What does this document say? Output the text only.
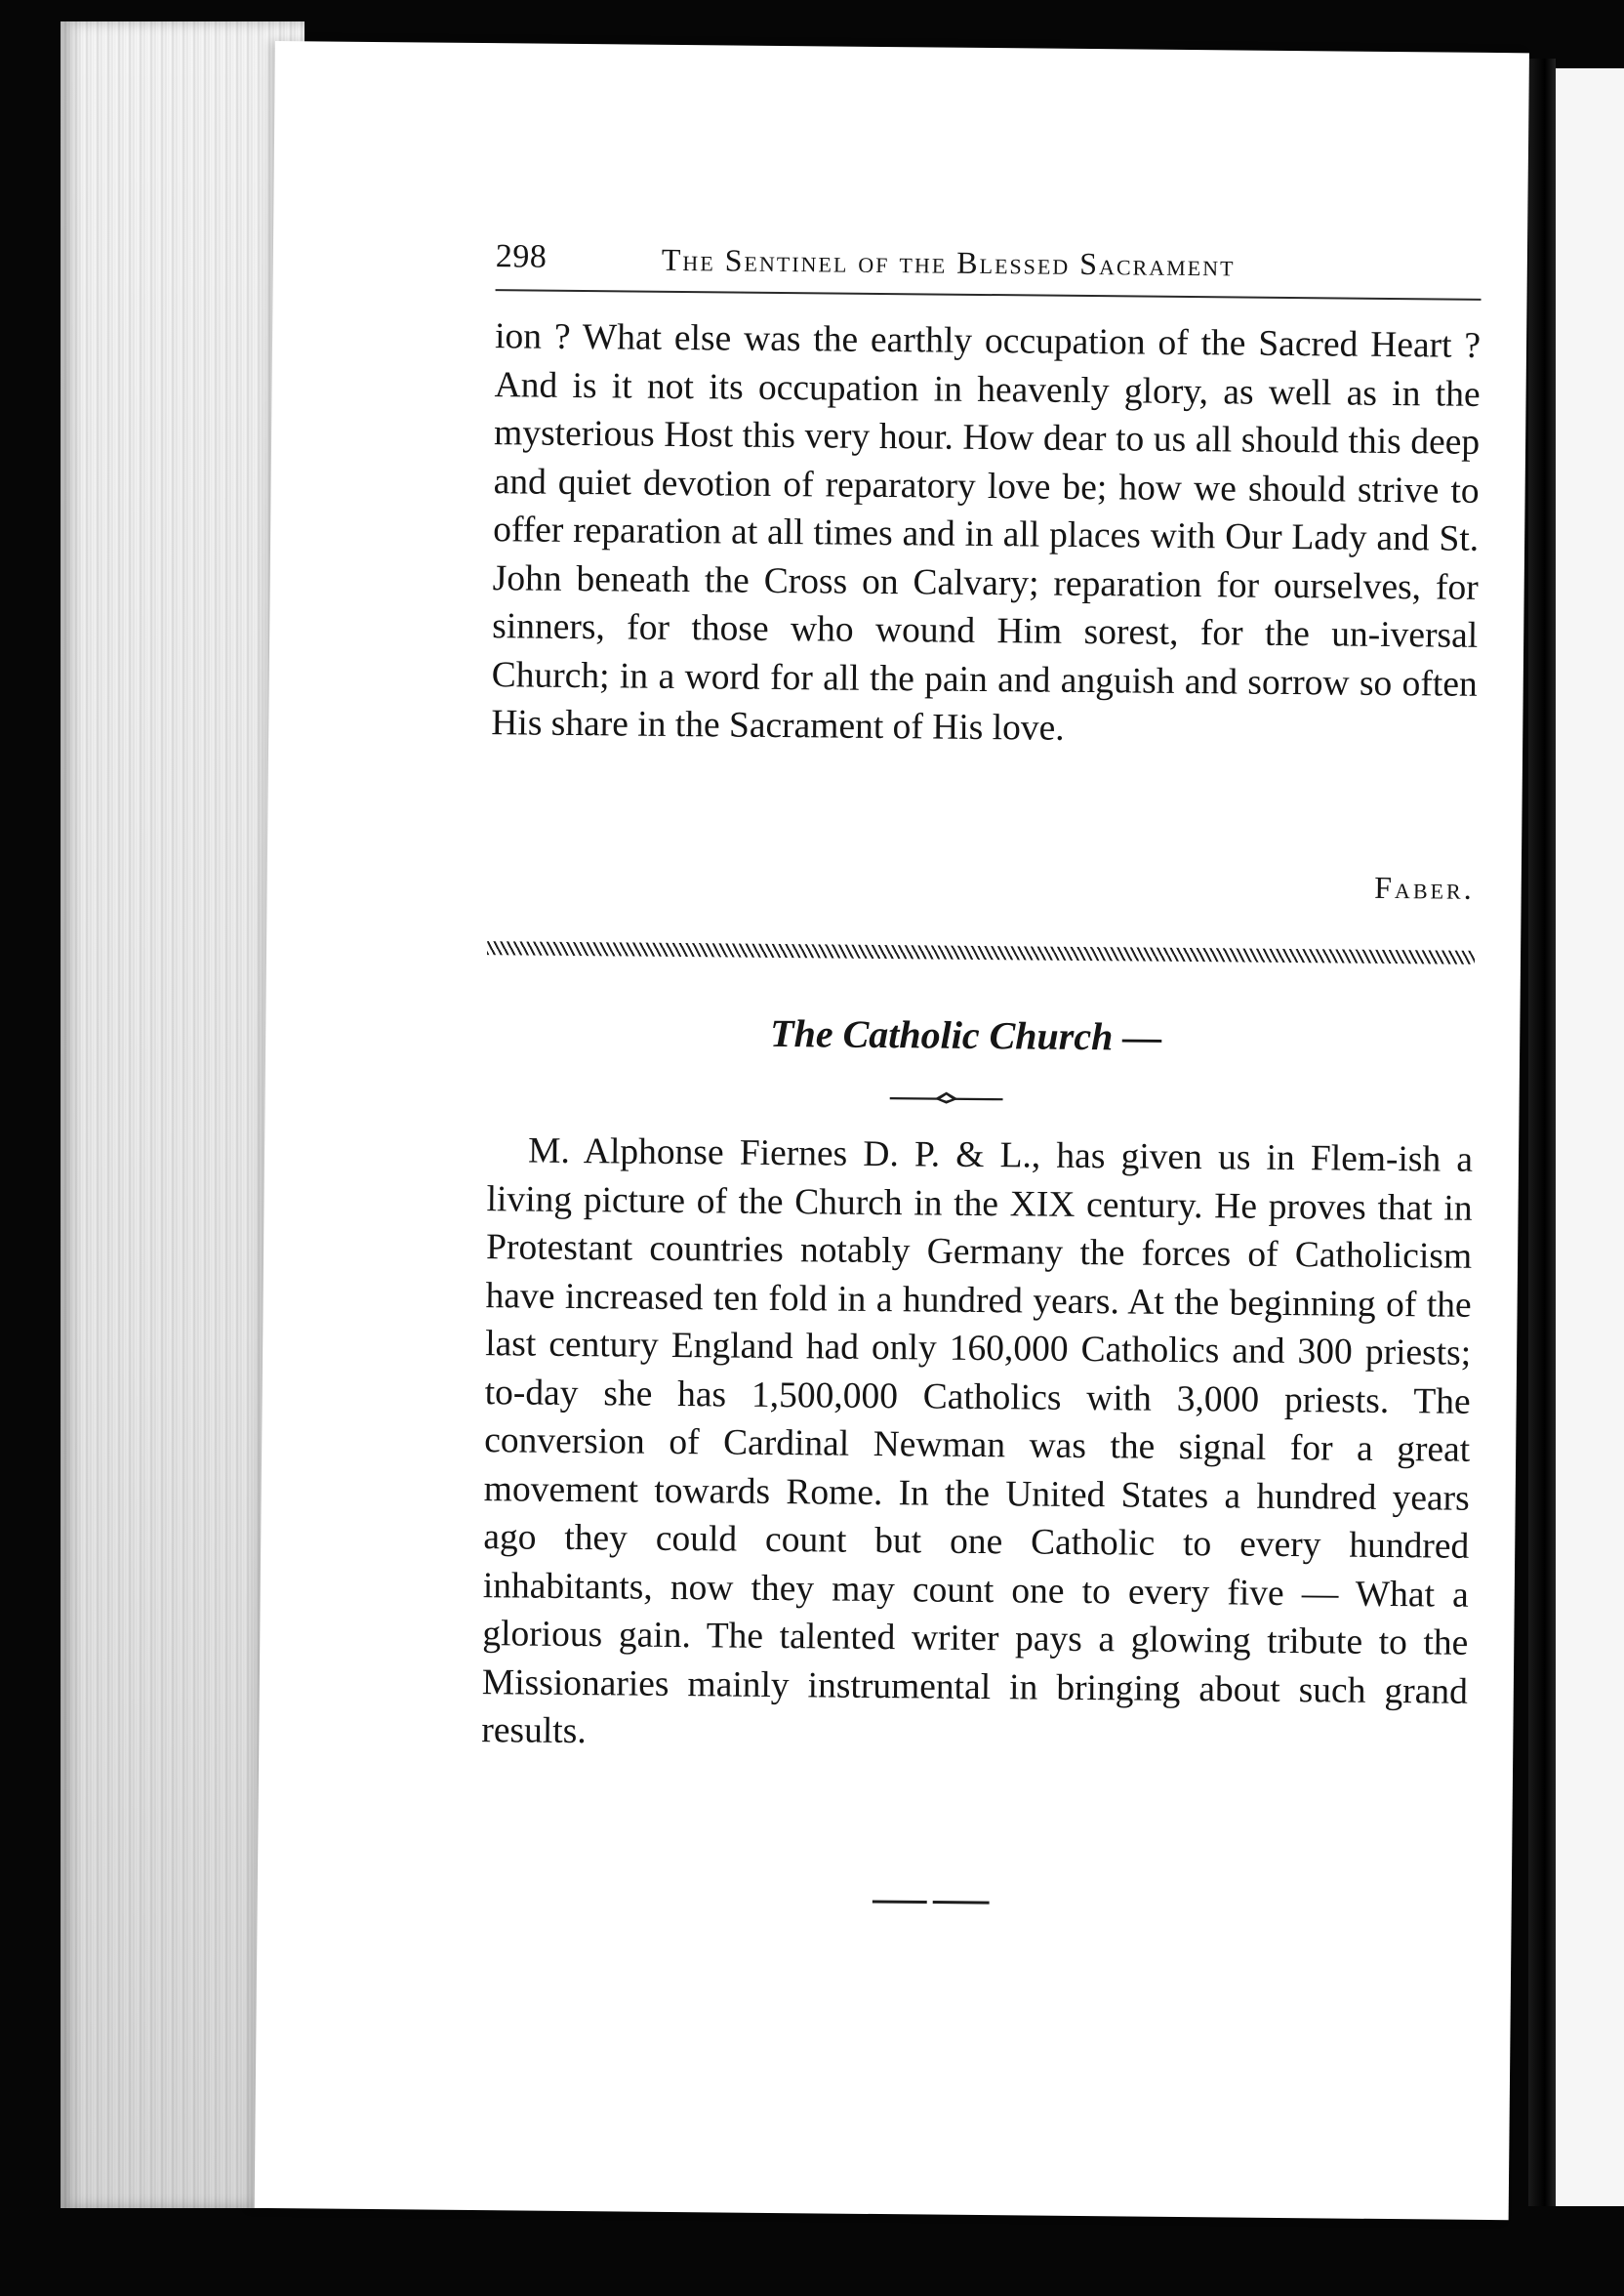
298	The Sentinel of the Blessed Sacrament
ion ? What else was the earthly occupation of the Sacred Heart ? And is it not its occupation in heavenly glory, as well as in the mysterious Host this very hour. How dear to us all should this deep and quiet devotion of reparatory love be; how we should strive to offer reparation at all times and in all places with Our Lady and St. John beneath the Cross on Calvary; reparation for ourselves, for sinners, for those who wound Him sorest, for the un-iversal Church; in a word for all the pain and anguish and sorrow so often His share in the Sacrament of His love.
Faber.
The Catholic Church —
M. Alphonse Fiernes D. P. & L., has given us in Flem-ish a living picture of the Church in the XIX century. He proves that in Protestant countries notably Germany the forces of Catholicism have increased ten fold in a hundred years. At the beginning of the last century England had only 160,000 Catholics and 300 priests; to-day she has 1,500,000 Catholics with 3,000 priests. The conversion of Cardinal Newman was the signal for a great movement towards Rome. In the United States a hundred years ago they could count but one Catholic to every hundred inhabitants, now they may count one to every five — What a glorious gain. The talented writer pays a glowing tribute to the Missionaries mainly instrumental in bringing about such grand results.
